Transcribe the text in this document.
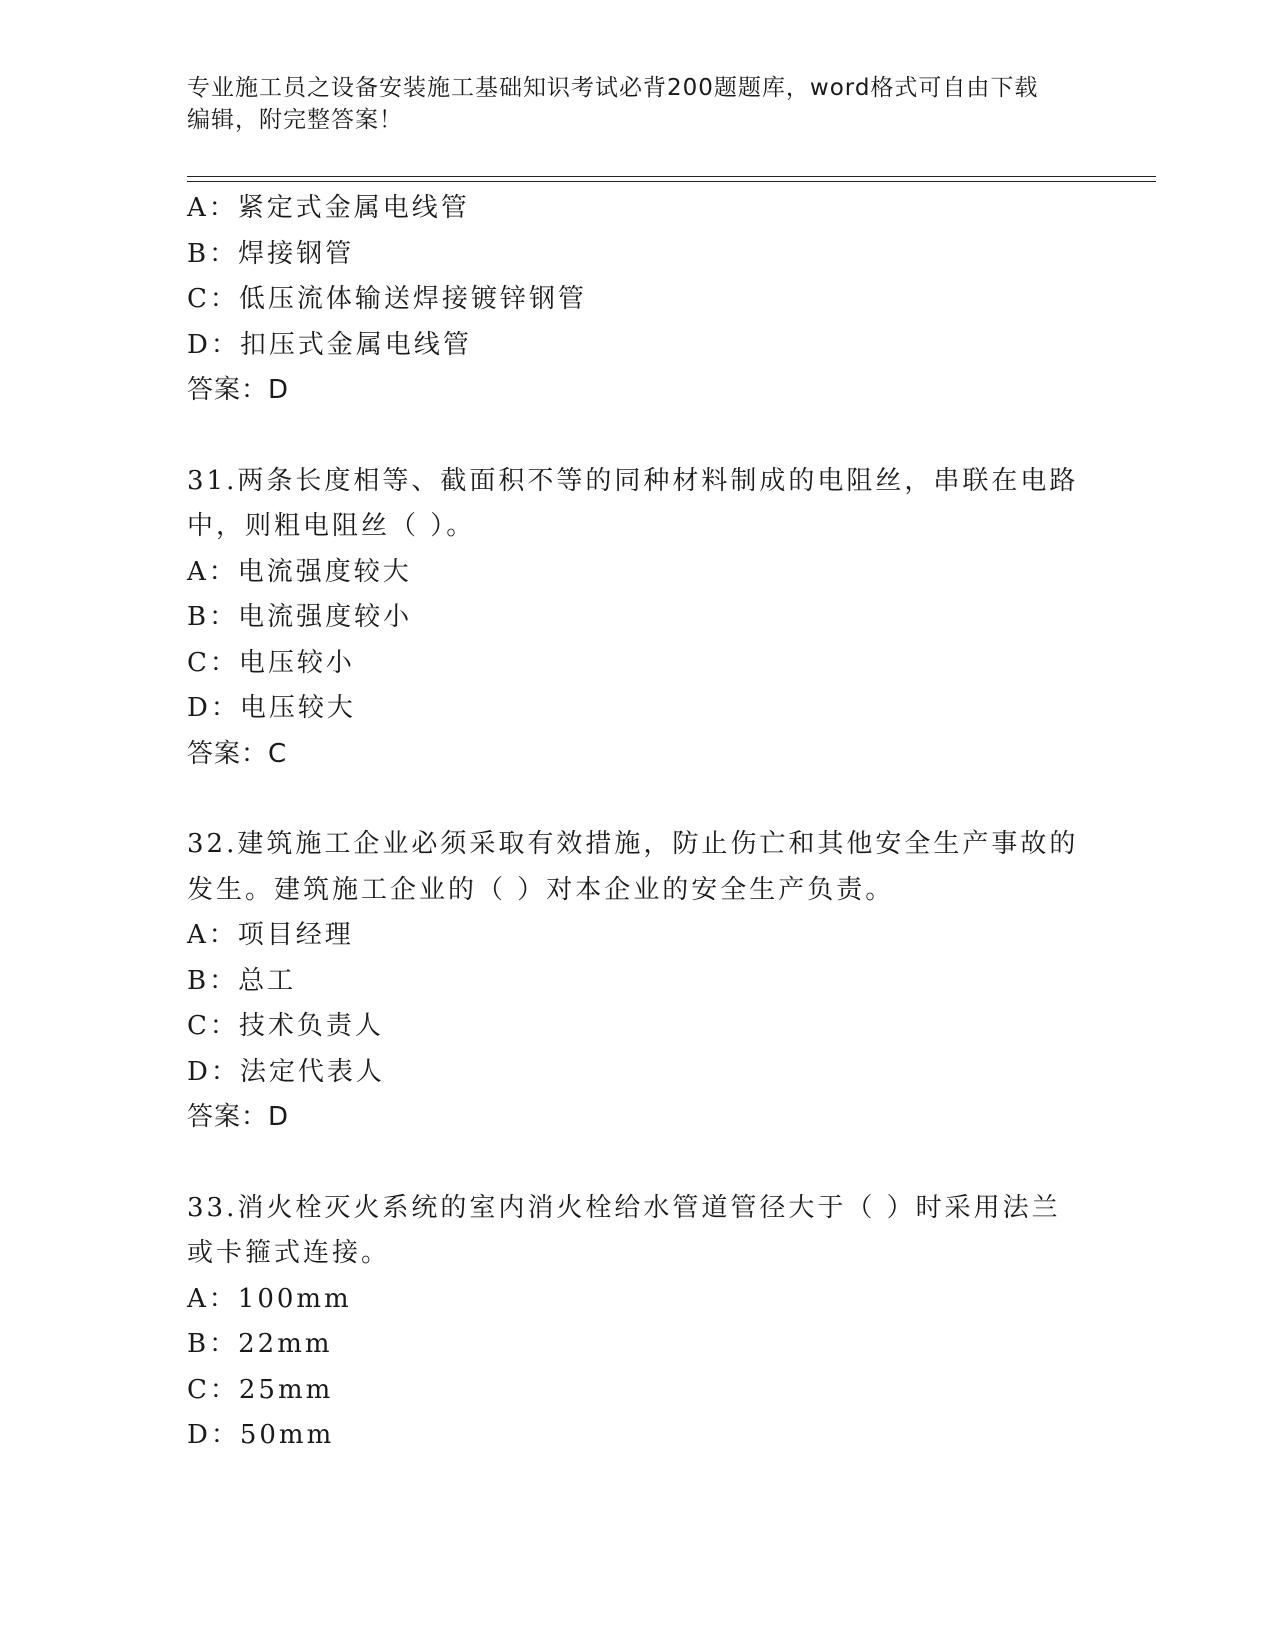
专业施工员之设备安装施工基础知识考试必背200题题库，word格式可自由下载
编辑，附完整答案！
A：紧定式金属电线管
B：焊接钢管
C：低压流体输送焊接镀锌钢管
D：扣压式金属电线管
答案：D
31.两条长度相等、截面积不等的同种材料制成的电阻丝，串联在电路
中，则粗电阻丝（ ）。
A：电流强度较大
B：电流强度较小
C：电压较小
D：电压较大
答案：C
32.建筑施工企业必须采取有效措施，防止伤亡和其他安全生产事故的
发生。建筑施工企业的（ ）对本企业的安全生产负责。
A：项目经理
B：总工
C：技术负责人
D：法定代表人
答案：D
33.消火栓灭火系统的室内消火栓给水管道管径大于（ ）时采用法兰
或卡箍式连接。
A：100mm
B：22mm
C：25mm
D：50mm
